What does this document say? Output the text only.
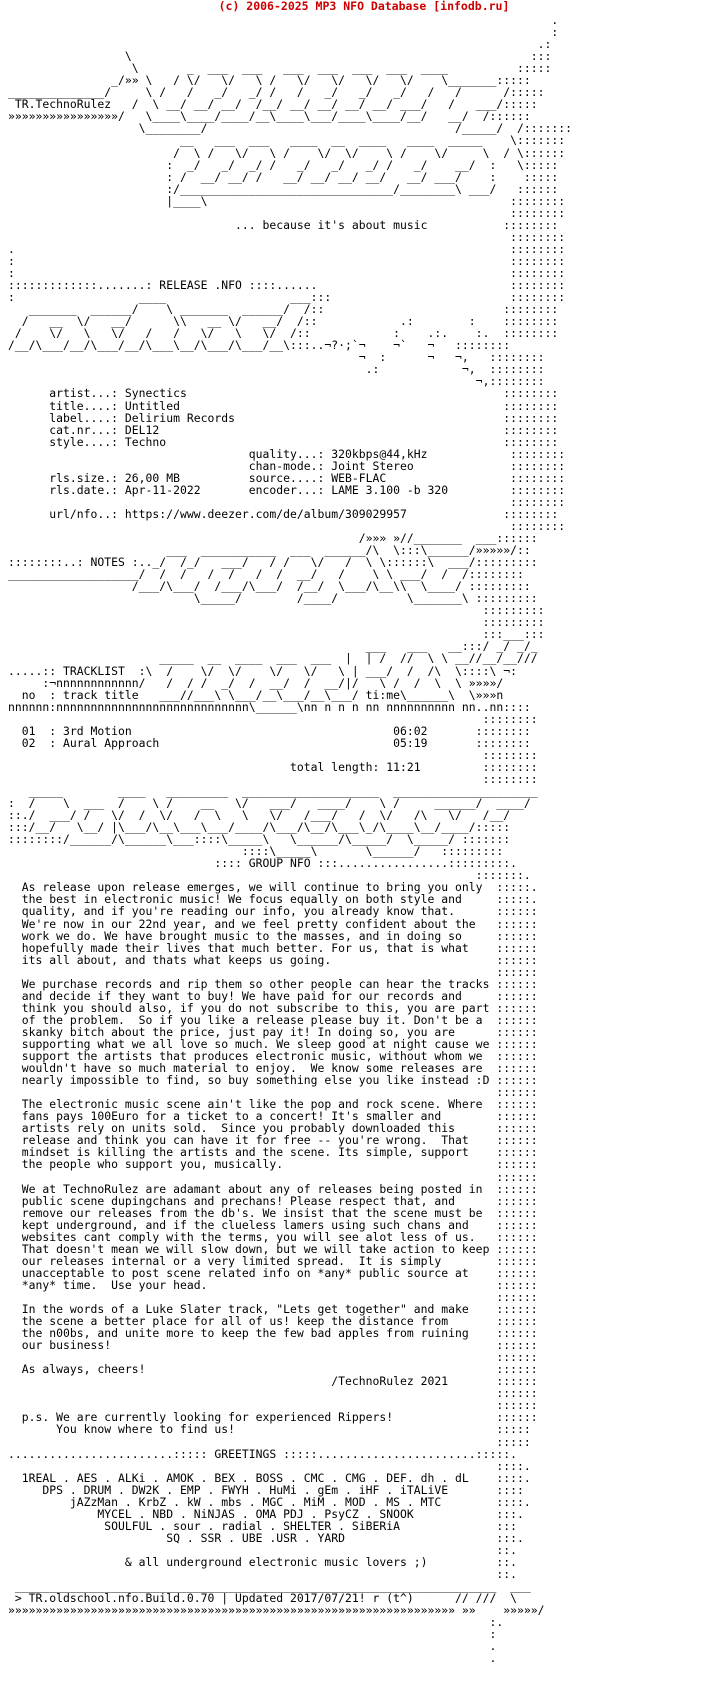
(c) 2006-2025 MP3 NFO Database [infodb.ru]
.
:
.:
\                                                          :::
\       _  ___  ___   ___  ___  ___  ___  ____          :::::
_/»» \   / \/   \/   \ /   \/   \/   \/   \/    \_______:::::
______________/     \ /   /   _/   _/ /   /   _/   _/   _/   /   /      /:::::
TR.TechnoRulez   /  \ __/ __/ __/  /__/ __/ __/ __/ __/ ___/   /   ___/:::::
»»»»»»»»»»»»»»»»/   \____\____/____/__\____\___/____\____/__/   __/  /::::::
\________/                                    /_____/  /:::::::
__   ___  ___   ____  __  ____   ____  _____    \:::::::
/  \ /   \/   \ /    \/  \/    \ /    \/     \  / \::::::
:  _/   _/  _/ /   _/   _/   _/ /   _/    __/  :   \:::::
: /  __/ __/ /   __/ __/ __/ __/   __/ ___/    :    :::::
:/_______________________________/________\ ___/   ::::::
|____\                                            ::::::::
::::::::
... because it's about music           ::::::::
::::::::
.                                                                        ::::::::
:                                                                        ::::::::
:                                                                        ::::::::
:::::::::::::.......: RELEASE .NFO ::::......                            ::::::::
:                  ____                  ___:::                          ::::::::
_______  ______/    \ _______  ______/  /::                          ::::::::
/   __  \/   __/      \\   __ \/   __/  /::            .:        :    ::::::::
/    \/   \   \/   /   /   \/   \   \/  /::            :    .:.    :.  ::::::::
/__/\___/__/\___/__/\___\__/\___/\___/__\:::..¬?·;`¬    ¬`   ¬   ::::::::
¬  :      ¬   ¬,   ::::::::
.:            ¬,  ::::::::
¬,::::::::
artist...: Synectics                                              ::::::::
title....: Untitled                                               ::::::::
label....: Delirium Records                                       ::::::::
cat.nr...: DEL12                                                  ::::::::
style....: Techno                                                 ::::::::
quality...: 320kbps@44,kHz            ::::::::
chan-mode.: Joint Stereo              ::::::::
rls.size.: 26,00 MB          source....: WEB-FLAC                  ::::::::
rls.date.: Apr-11-2022       encoder...: LAME 3.100 -b 320         ::::::::
::::::::
url/nfo..: https://www.deezer.com/de/album/309029957              ::::::::
::::::::
/»»» »//_______  ___::::::
___  ___________  ___  ______/\  \:::\______/»»»»»/::
::::::::..: NOTES :.._/  /_/   ___/   / /   \/   /  \ \::::::\  ___/:::::::::
___________________/  /  /   /  /   /  /  __/   /    \ \ ___/  /  /::::::::
/___/\___/  /___/\___/  /__/  \___/\__\\  \____/ :::::::::
\_____/        /____/          \_______\ :::::::::
:::::::::
:::::::::
:::___:::
___   ___   __:::/ _/ _/_
_____  __  ____  ___  ___  |  | /  //  \ \ __//__/__///
.....:: TRACKLIST  :\  /    \/  \/    \/   \/   \ | ___/  /  /\  \::::\ ¬:
:¬nnnnnnnnnnnn/   /  / /  _/  /  __/  /  __/|/   \ /  /  \  \ »»»»/
no  : track title   ___//___\ \___/__\___/__\___/ ti:me\______\  \»»»n
nnnnnn:nnnnnnnnnnnnnnnnnnnnnnnnnnnn\______\nn n n n nn nnnnnnnnnn nn..nn::::
::::::::
01  : 3rd Motion                                      06:02       ::::::::
02  : Aural Approach                                  05:19       ::::::::
::::::::
total length: 11:21         ::::::::
::::::::
_____        ____   _________  ____________________  _____________________
:  /    \  ___  /    \ /    __   \/   ___/   ____/    \ /     ______/  ____/
::./  ___/ /   \/  /  \/   /  \   \   \/   /___/   /  \/   /\   \/   /__/
:::/__/   \__/ |\___/\__\___\___/____/\___/\__/\___\_/\____\__/____/:::::
::::::::/______/\______\___::::\_____\   \______/\_____/  \_____/ :::::::
::::\_____\       \______/   :::::::::
:::: GROUP NFO :::................:::::::::.
:::::::.
As release upon release emerges, we will continue to bring you only  :::::.
the best in electronic music! We focus equally on both style and     :::::.
quality, and if you're reading our info, you already know that.      ::::::
We're now in our 22nd year, and we feel pretty confident about the   ::::::
work we do. We have brought music to the masses, and in doing so     ::::::
hopefully made their lives that much better. For us, that is what    ::::::
its all about, and thats what keeps us going.                        ::::::
::::::
We purchase records and rip them so other people can hear the tracks ::::::
and decide if they want to buy! We have paid for our records and     ::::::
think you should also, if you do not subscribe to this, you are part ::::::
of the problem.  So if you like a release please buy it. Don't be a  ::::::
skanky bitch about the price, just pay it! In doing so, you are      ::::::
supporting what we all love so much. We sleep good at night cause we ::::::
support the artists that produces electronic music, without whom we  ::::::
wouldn't have so much material to enjoy.  We know some releases are  ::::::
nearly impossible to find, so buy something else you like instead :D ::::::
::::::
The electronic music scene ain't like the pop and rock scene. Where  ::::::
fans pays 100Euro for a ticket to a concert! It's smaller and        ::::::
artists rely on units sold.  Since you probably downloaded this      ::::::
release and think you can have it for free -- you're wrong.  That    ::::::
mindset is killing the artists and the scene. Its simple, support    ::::::
the people who support you, musically.                               ::::::
::::::
We at TechnoRulez are adamant about any of releases being posted in  ::::::
public scene dupingchans and prechans! Please respect that, and      ::::::
remove our releases from the db's. We insist that the scene must be  ::::::
kept underground, and if the clueless lamers using such chans and    ::::::
websites cant comply with the terms, you will see alot less of us.   ::::::
That doesn't mean we will slow down, but we will take action to keep ::::::
our releases internal or a very limited spread.  It is simply        ::::::
unacceptable to post scene related info on *any* public source at    ::::::
*any* time.  Use your head.                                          ::::::
::::::
In the words of a Luke Slater track, "Lets get together" and make    ::::::
the scene a better place for all of us! keep the distance from       ::::::
the n00bs, and unite more to keep the few bad apples from ruining    ::::::
our business!                                                        ::::::
::::::
As always, cheers!                                                   ::::::
/TechnoRulez 2021       ::::::
::::::
::::::
p.s. We are currently looking for experienced Rippers!               ::::::
You know where to find us!                                      :::::
:::::
........................::::: GREETINGS :::::.......................:::::.
::::.
1REAL . AES . ALKi . AMOK . BEX . BOSS . CMC . CMG . DEF. dh . dL    ::::.
DPS . DRUM . DW2K . EMP . FWYH . HuMi . gEm . iHF . iTALiVE       ::::
jAZzMan . KrbZ . kW . mbs . MGC . MiM . MOD . MS . MTC        ::::.
MYCEL . NBD . NiNJAS . OMA PDJ . PsyCZ . SNOOK            :::.
SOULFUL . sour . radial . SHELTER . SiBERiA              :::
SQ . SSR . UBE .USR . YARD                      :::.
::.
& all underground electronic music lovers ;)          ::.
::.
______________________________________________________________________  ___
> TR.oldschool.nfo.Build.0.70 | Updated 2017/07/21! r (t^)      // ///  \
»»»»»»»»»»»»»»»»»»»»»»»»»»»»»»»»»»»»»»»»»»»»»»»»»»»»»»»»»»»»»»»»» »»    »»»»»/
:.
:
.
.
